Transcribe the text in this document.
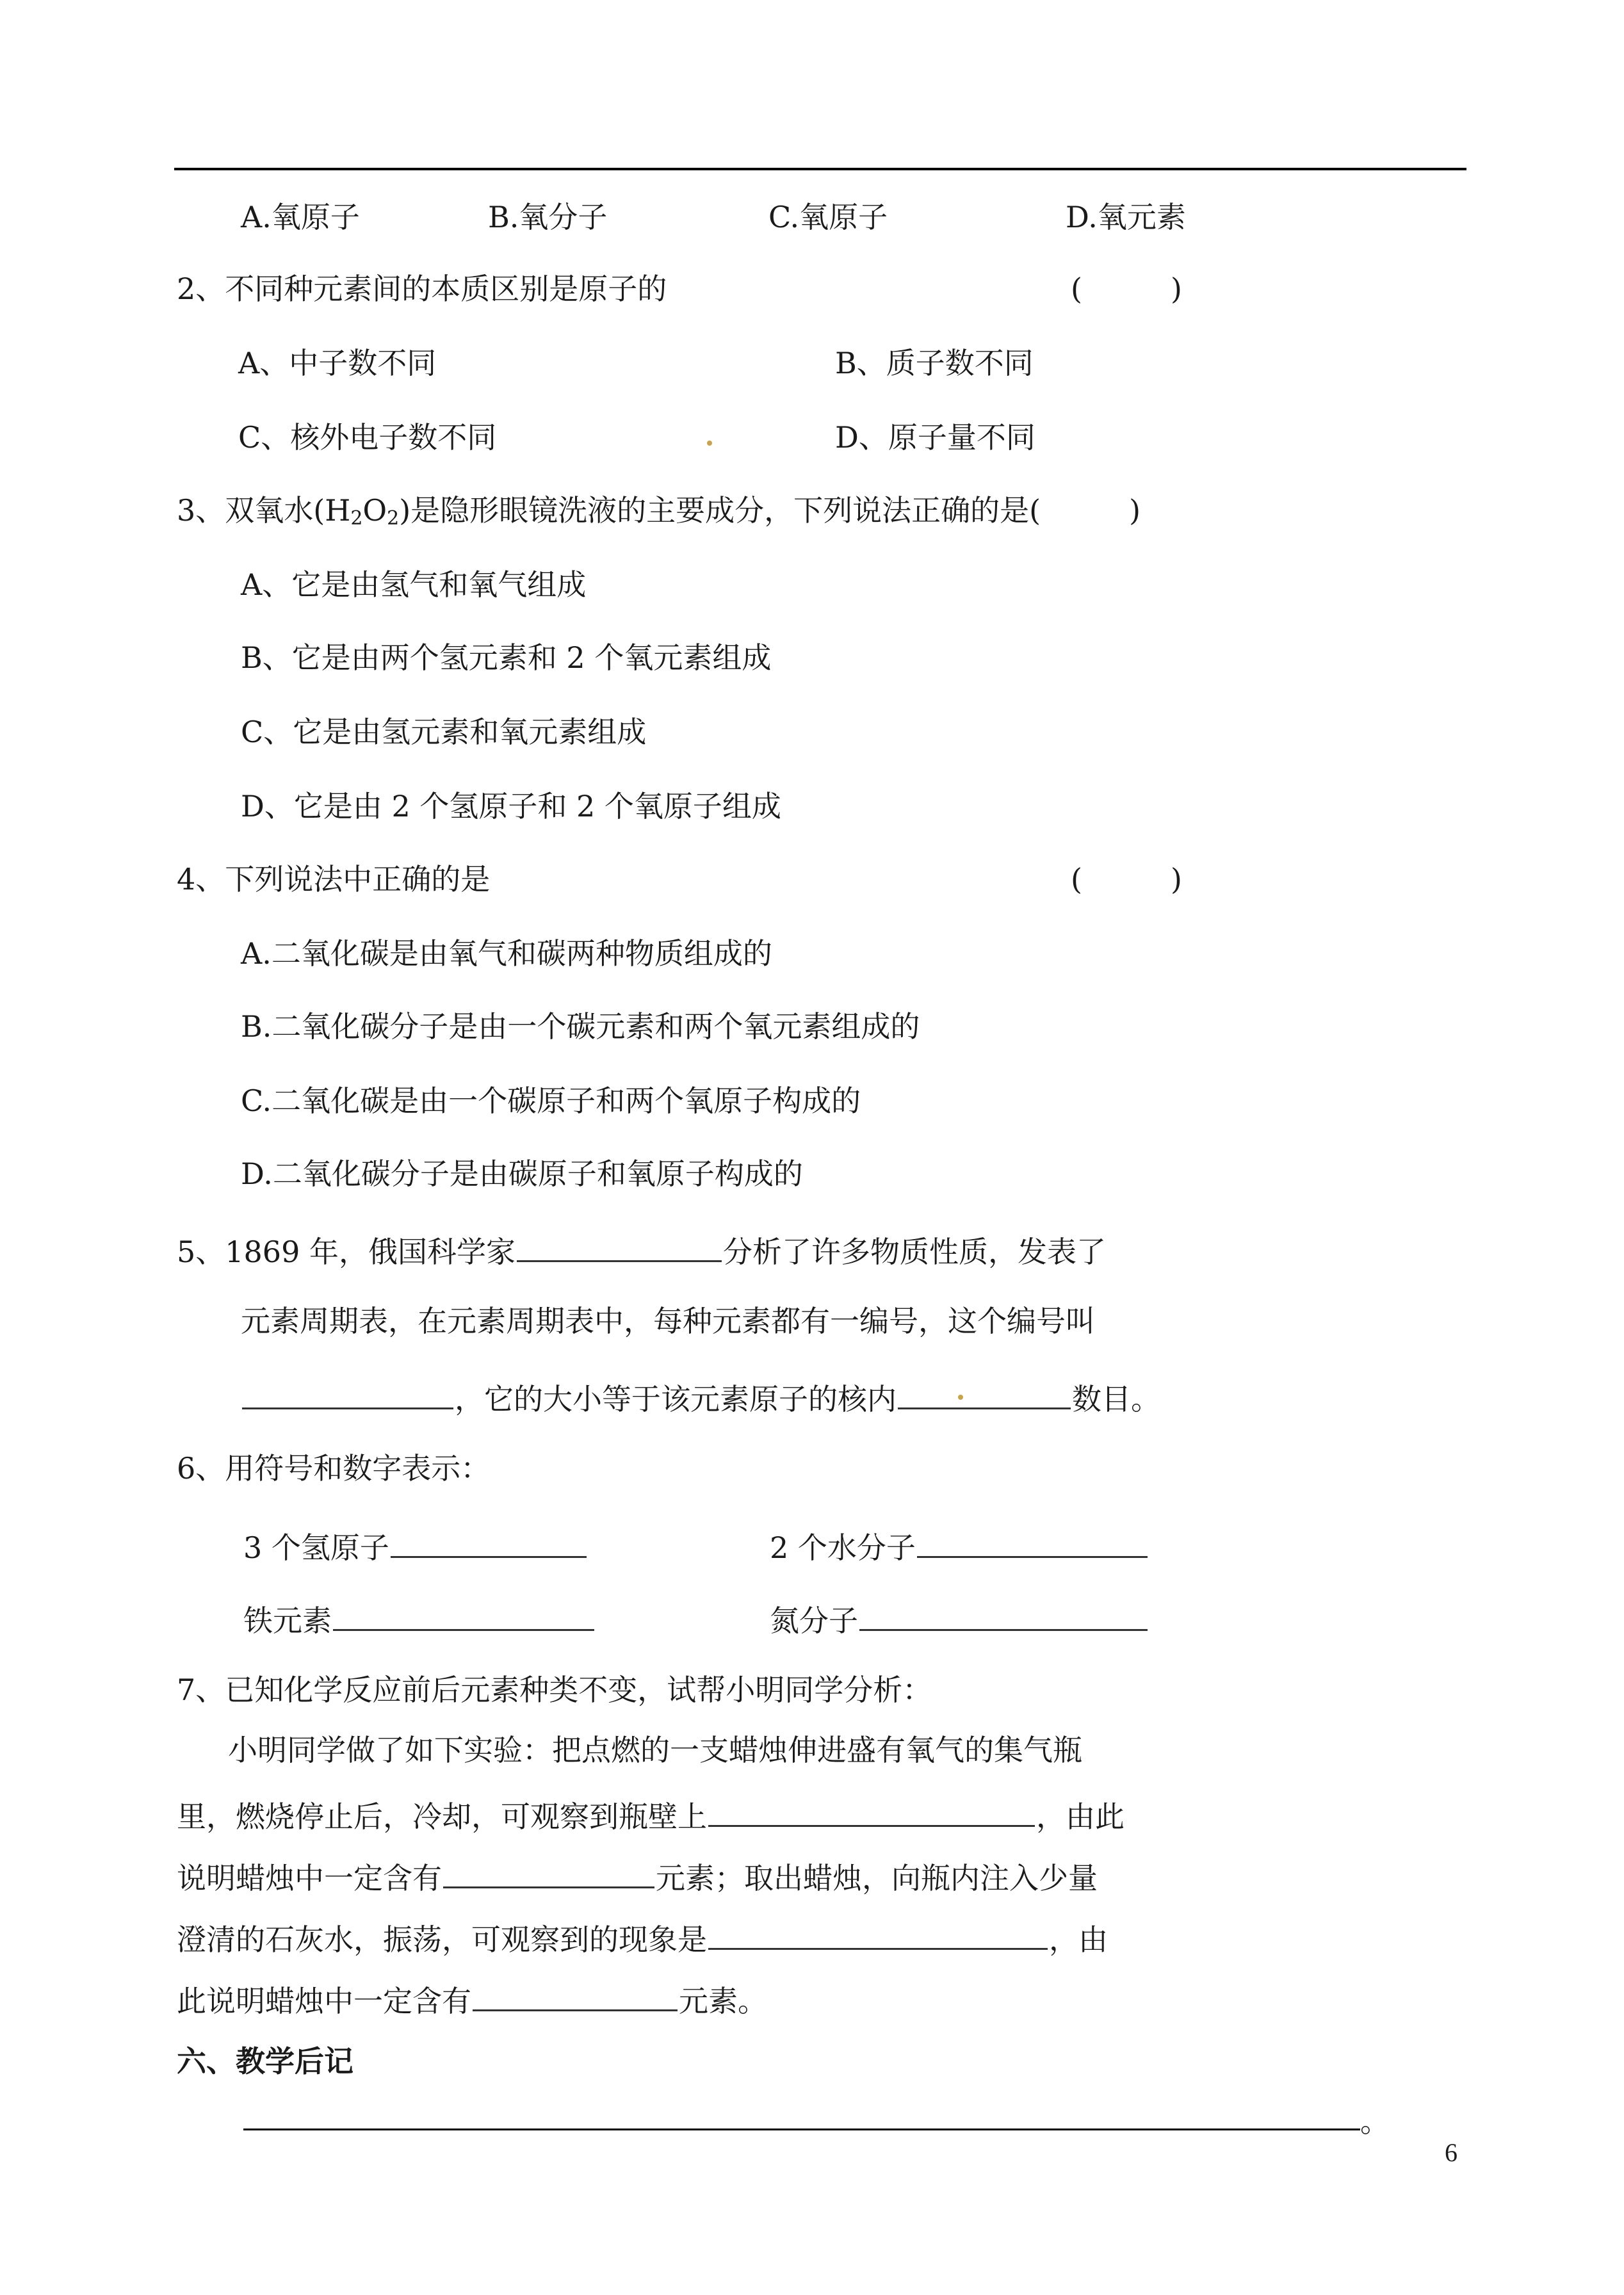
A.氧原子	B.氧分子	C.氧原子	D.氧元素
2、不同种元素间的本质区别是原子的	(　　　)
A、中子数不同	B、质子数不同
C、核外电子数不同	D、原子量不同
3、双氧水$(H_2O_2)$是隐形眼镜洗液的主要成分，下列说法正确的是(　　　)
A、它是由氢气和氧气组成
B、它是由两个氢元素和 2 个氧元素组成
C、它是由氢元素和氧元素组成
D、它是由 2 个氢原子和 2 个氧原子组成
4、下列说法中正确的是	(　　　)
A.二氧化碳是由氧气和碳两种物质组成的
B.二氧化碳分子是由一个碳元素和两个氧元素组成的
C.二氧化碳是由一个碳原子和两个氧原子构成的
D.二氧化碳分子是由碳原子和氧原子构成的
5、1869 年，俄国科学家	分析了许多物质性质，发表了
元素周期表，在元素周期表中，每种元素都有一编号，这个编号叫
，它的大小等于该元素原子的核内	数目。
6、用符号和数字表示：
3 个氢原子	2 个水分子
铁元素	氮分子
7、已知化学反应前后元素种类不变，试帮小明同学分析：
小明同学做了如下实验：把点燃的一支蜡烛伸进盛有氧气的集气瓶
里，燃烧停止后，冷却，可观察到瓶壁上	，由此
说明蜡烛中一定含有	元素；取出蜡烛，向瓶内注入少量
澄清的石灰水，振荡，可观察到的现象是	，由
此说明蜡烛中一定含有	元素。
六、教学后记
。
6
